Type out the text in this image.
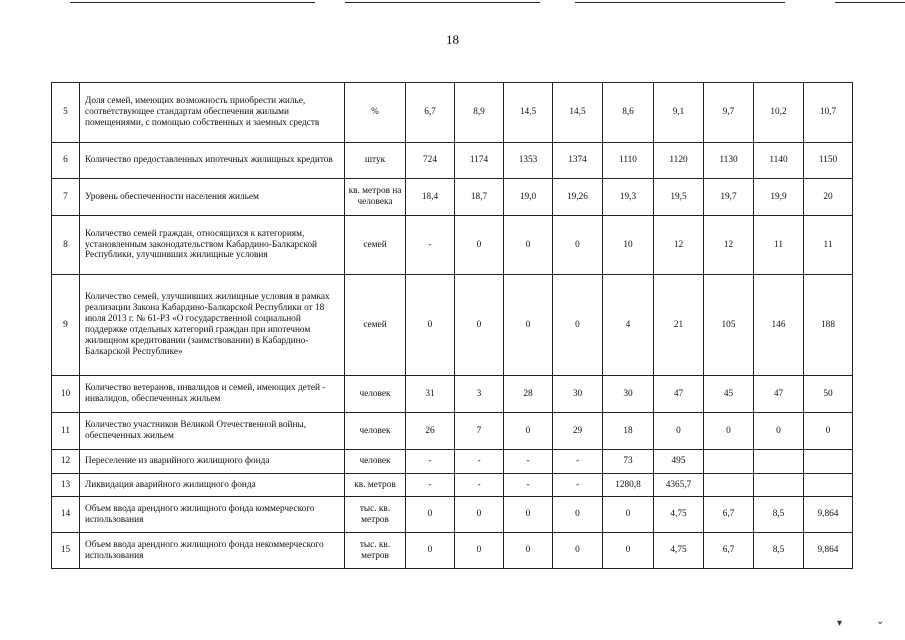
18
5	Доля семей, имеющих возможность приобрести жилье, соответствующее стандартам обеспечения жилыми помещениями, с помощью собственных и заемных средств	%	6,7	8,9	14,5	14,5	8,6	9,1	9,7	10,2	10,7
6	Количество предоставленных ипотечных жилищных кредитов	штук	724	1174	1353	1374	1110	1120	1130	1140	1150
7	Уровень обеспеченности населения жильем	кв. метров на человека	18,4	18,7	19,0	19,26	19,3	19,5	19,7	19,9	20
8	Количество семей граждан, относящихся к категориям, установленным законодательством Кабардино-Балкарской Республики, улучшивших жилищные условия	семей	-	0	0	0	10	12	12	11	11
9	Количество семей, улучшивших жилищные условия в рамках реализации Закона Кабардино-Балкарской Республики от 18 июля 2013 г. № 61-РЗ «О государственной социальной поддержке отдельных категорий граждан при ипотечном жилищном кредитовании (заимствовании) в Кабардино-Балкарской Республике»	семей	0	0	0	0	4	21	105	146	188
10	Количество ветеранов, инвалидов и семей, имеющих детей - инвалидов, обеспеченных жильем	человек	31	3	28	30	30	47	45	47	50
11	Количество участников Великой Отечественной войны, обеспеченных жильем	человек	26	7	0	29	18	0	0	0	0
12	Переселение из аварийного жилищного фонда	человек	-	-	-	-	73	495			
13	Ликвидация аварийного жилищного фонда	кв. метров	-	-	-	-	1280,8	4365,7			
14	Объем ввода арендного жилищного фонда коммерческого использования	тыс. кв. метров	0	0	0	0	0	4,75	6,7	8,5	9,864
15	Объем ввода арендного жилищного фонда некоммерческого использования	тыс. кв. метров	0	0	0	0	0	4,75	6,7	8,5	9,864
▾	⌄
